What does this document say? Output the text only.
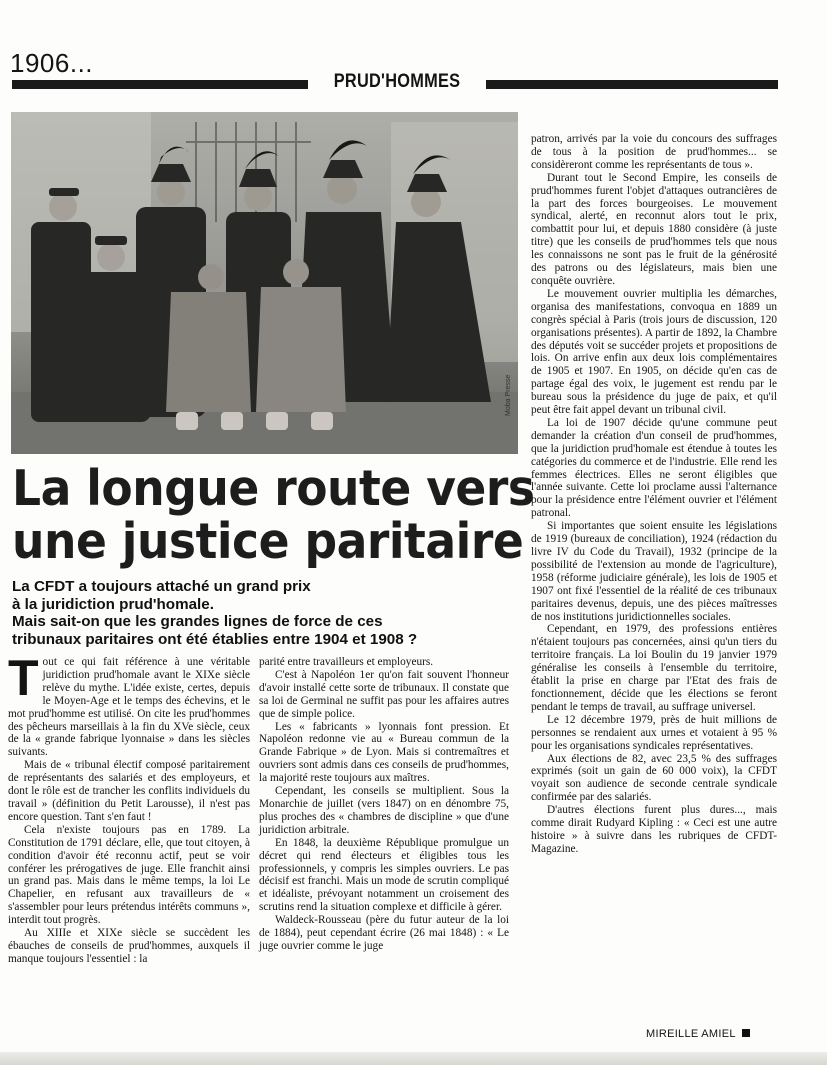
1906...
PRUD'HOMMES
Moba Presse
La longue route vers
une justice paritaire
La CFDT a toujours attaché un grand prix
à la juridiction prud'homale.
Mais sait-on que les grandes lignes de force de ces
tribunaux paritaires ont été établies entre 1904 et 1908 ?

Tout ce qui fait référence à une véritable juridiction prud'homale avant le XIXe siècle relève du mythe. L'idée existe, certes, depuis le Moyen-Age et le temps des échevins, et le mot prud'homme est utilisé. On cite les prud'hommes des pêcheurs marseillais à la fin du XVe siècle, ceux de la « grande fabrique lyonnaise » dans les siècles suivants.

Mais de « tribunal électif composé paritairement de représentants des salariés et des employeurs, et dont le rôle est de trancher les conflits individuels du travail » (définition du Petit Larousse), il n'est pas encore question. Tant s'en faut !

Cela n'existe toujours pas en 1789. La Constitution de 1791 déclare, elle, que tout citoyen, à condition d'avoir été reconnu actif, peut se voir conférer les prérogatives de juge. Elle franchit ainsi un grand pas. Mais dans le même temps, la loi Le Chapelier, en refusant aux travailleurs de « s'assembler pour leurs prétendus intérêts communs », interdit tout progrès.

Au XIIIe et XIXe siècle se succèdent les ébauches de conseils de prud'hommes, auxquels il manque toujours l'essentiel : la

parité entre travailleurs et employeurs.

C'est à Napoléon 1er qu'on fait souvent l'honneur d'avoir installé cette sorte de tribunaux. Il constate que sa loi de Germinal ne suffit pas pour les affaires autres que de simple police.

Les « fabricants » lyonnais font pression. Et Napoléon redonne vie au « Bureau commun de la Grande Fabrique » de Lyon. Mais si contremaîtres et ouvriers sont admis dans ces conseils de prud'hommes, la majorité reste toujours aux maîtres.

Cependant, les conseils se multiplient. Sous la Monarchie de juillet (vers 1847) on en dénombre 75, plus proches des « chambres de discipline » que d'une juridiction arbitrale.

En 1848, la deuxième République promulgue un décret qui rend électeurs et éligibles tous les professionnels, y compris les simples ouvriers. Le pas décisif est franchi. Mais un mode de scrutin compliqué et idéaliste, prévoyant notamment un croisement des scrutins rend la situation complexe et difficile à gérer.

Waldeck-Rousseau (père du futur auteur de la loi de 1884), peut cependant écrire (26 mai 1848) : « Le juge ouvrier comme le juge

patron, arrivés par la voie du concours des suffrages de tous à la position de prud'hommes... se considèreront comme les représentants de tous ».

Durant tout le Second Empire, les conseils de prud'hommes furent l'objet d'attaques outrancières de la part des forces bourgeoises. Le mouvement syndical, alerté, en reconnut alors tout le prix, combattit pour lui, et depuis 1880 considère (à juste titre) que les conseils de prud'hommes tels que nous les connaissons ne sont pas le fruit de la générosité des patrons ou des législateurs, mais bien une conquête ouvrière.

Le mouvement ouvrier multiplia les démarches, organisa des manifestations, convoqua en 1889 un congrès spécial à Paris (trois jours de discussion, 120 organisations présentes). A partir de 1892, la Chambre des députés voit se succéder projets et propositions de lois. On arrive enfin aux deux lois complémentaires de 1905 et 1907. En 1905, on décide qu'en cas de partage égal des voix, le jugement est rendu par le bureau sous la présidence du juge de paix, et qu'il peut être fait appel devant un tribunal civil.

La loi de 1907 décide qu'une commune peut demander la création d'un conseil de prud'hommes, que la juridiction prud'homale est étendue à toutes les catégories du commerce et de l'industrie. Elle rend les femmes électrices. Elles ne seront éligibles que l'année suivante. Cette loi proclame aussi l'alternance pour la présidence entre l'élément ouvrier et l'élément patronal.

Si importantes que soient ensuite les législations de 1919 (bureaux de conciliation), 1924 (rédaction du livre IV du Code du Travail), 1932 (principe de la possibilité de l'extension au monde de l'agriculture), 1958 (réforme judiciaire générale), les lois de 1905 et 1907 ont fixé l'essentiel de la réalité de ces tribunaux paritaires devenus, depuis, une des pièces maîtresses de nos institutions juridictionnelles sociales.

Cependant, en 1979, des professions entières n'étaient toujours pas concernées, ainsi qu'un tiers du territoire français. La loi Boulin du 19 janvier 1979 généralise les conseils à l'ensemble du territoire, établit la prise en charge par l'Etat des frais de fonctionnement, décide que les élections se feront pendant le temps de travail, au suffrage universel.

Le 12 décembre 1979, près de huit millions de personnes se rendaient aux urnes et votaient à 95 % pour les organisations syndicales représentatives.

Aux élections de 82, avec 23,5 % des suffrages exprimés (soit un gain de 60 000 voix), la CFDT voyait son audience de seconde centrale syndicale confirmée par des salariés.

D'autres élections furent plus dures..., mais comme dirait Rudyard Kipling : « Ceci est une autre histoire » à suivre dans les rubriques de CFDT-Magazine.

MIREILLE AMIEL
